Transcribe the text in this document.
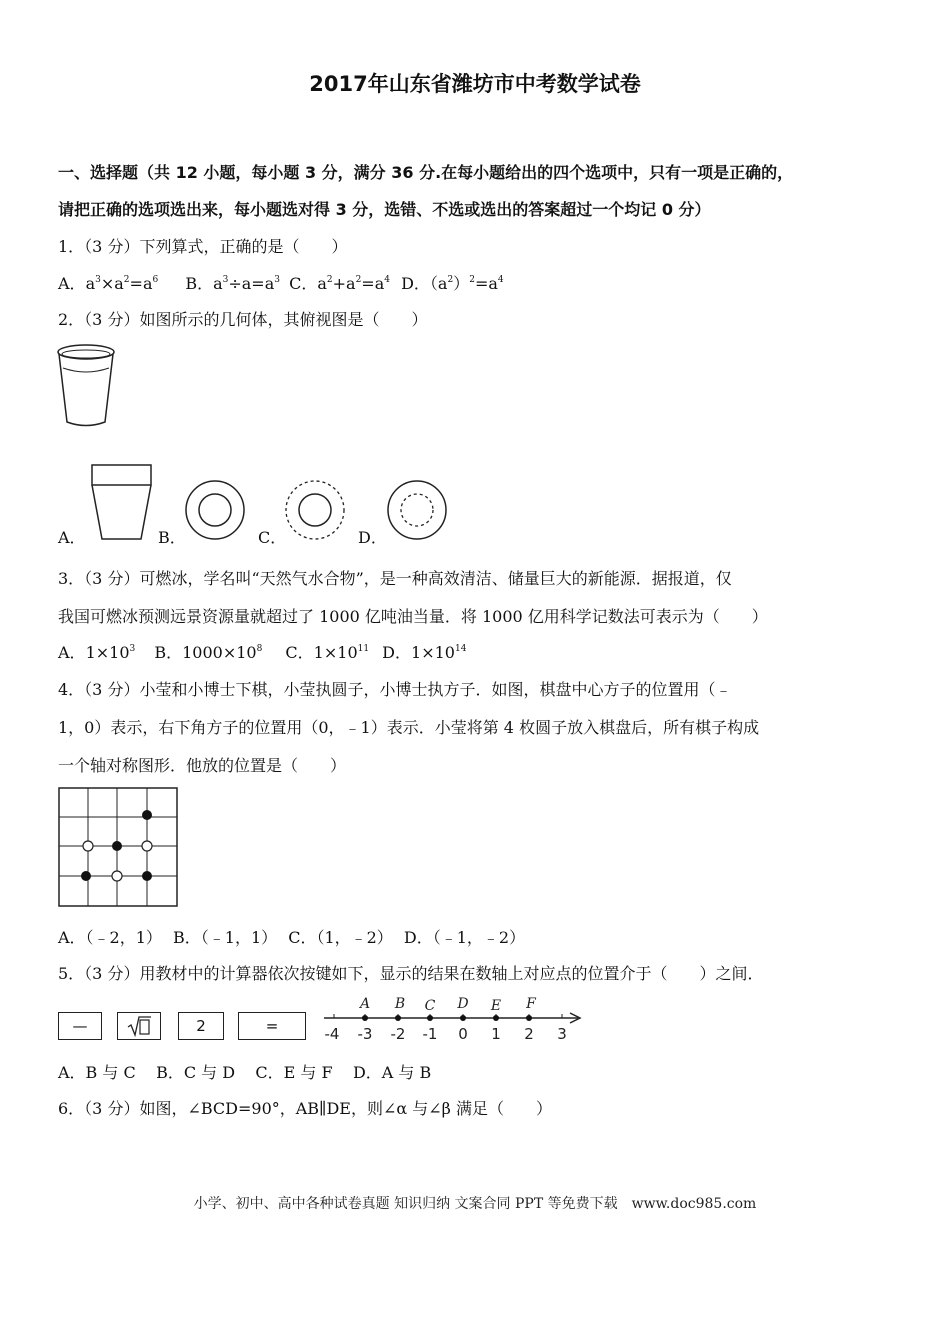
2017年山东省潍坊市中考数学试卷
一、选择题（共 12 小题，每小题 3 分，满分 36 分.在每小题给出的四个选项中，只有一项是正确的，
请把正确的选项选出来，每小题选对得 3 分，选错、不选或选出的答案超过一个均记 0 分）
1．（3 分）下列算式，正确的是（　　）
A．$a^3\times a^2=a^6$ B．$a^3\div a=a^3$ C．$a^2+a^2=a^4$ D．$(a^2)^2=a^4$
2．（3 分）如图所示的几何体，其俯视图是（　　）
A．	B．	C．	D．
3．（3 分）可燃冰，学名叫“天然气水合物”，是一种高效清洁、储量巨大的新能源．据报道，仅
我国可燃冰预测远景资源量就超过了 1000 亿吨油当量．将 1000 亿用科学记数法可表示为（　　）
A．$1\times 10^3$ B．$1000\times 10^8$ C．$1\times 10^{11}$ D．$1\times 10^{14}$
4．（3 分）小莹和小博士下棋，小莹执圆子，小博士执方子．如图，棋盘中心方子的位置用（﹣
1，0）表示，右下角方子的位置用（0，﹣1）表示．小莹将第 4 枚圆子放入棋盘后，所有棋子构成
一个轴对称图形．他放的位置是（　　）
A．（﹣2，1） B．（﹣1，1） C．（1，﹣2） D．（﹣1，﹣2）
5．（3 分）用教材中的计算器依次按键如下，显示的结果在数轴上对应点的位置介于（　　）之间．
—	2	=
A B C D E F
-4 -3 -2 -1 0 1 2 3
A．B 与 C    B．C 与 D    C．E 与 F    D．A 与 B
6．（3 分）如图，∠BCD=90°，AB∥DE，则∠α 与∠β 满足（　　）
小学、初中、高中各种试卷真题 知识归纳 文案合同 PPT 等免费下载　www.doc985.com
